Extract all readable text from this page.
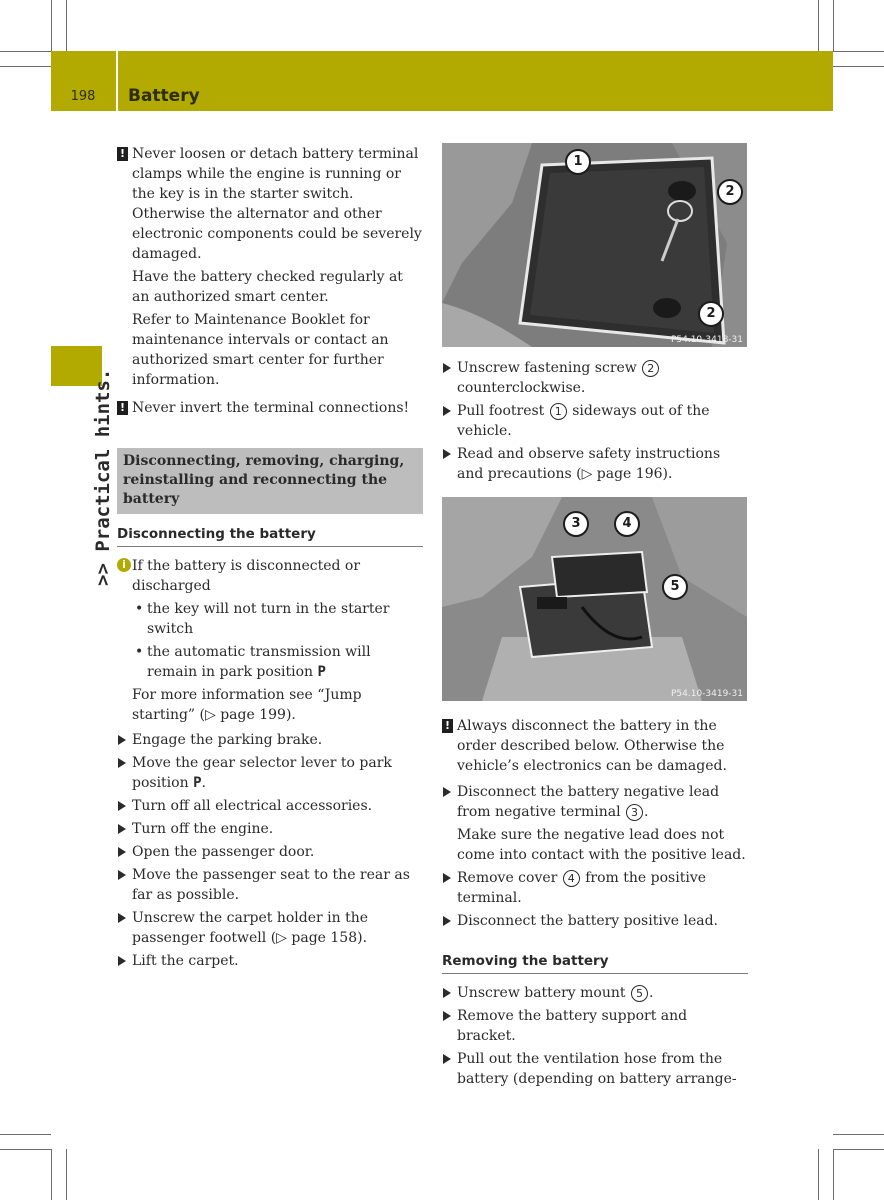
198	Battery
>> Practical hints.
! Never loosen or detach battery terminal clamps while the engine is running or the key is in the starter switch. Otherwise the alternator and other electronic components could be severely damaged.
Have the battery checked regularly at an authorized smart center.
Refer to Maintenance Booklet for maintenance intervals or contact an authorized smart center for further information.
! Never invert the terminal connections!
Disconnecting, removing, charging, reinstalling and reconnecting the battery
Disconnecting the battery
i If the battery is disconnected or discharged
• the key will not turn in the starter switch
• the automatic transmission will remain in park position P
For more information see “Jump starting” (▷ page 199).
Engage the parking brake.
Move the gear selector lever to park position P.
Turn off all electrical accessories.
Turn off the engine.
Open the passenger door.
Move the passenger seat to the rear as far as possible.
Unscrew the carpet holder in the passenger footwell (▷ page 158).
Lift the carpet.
1
2
2
P54.10-3418-31
3	4
5
P54.10-3419-31
Unscrew fastening screw 2 counterclockwise.
Pull footrest 1 sideways out of the vehicle.
Read and observe safety instructions and precautions (▷ page 196).
! Always disconnect the battery in the order described below. Otherwise the vehicle’s electronics can be damaged.
Disconnect the battery negative lead from negative terminal 3 .
Make sure the negative lead does not come into contact with the positive lead.
Remove cover 4 from the positive terminal.
Disconnect the battery positive lead.
Removing the battery
Unscrew battery mount 5 .
Remove the battery support and bracket.
Pull out the ventilation hose from the battery (depending on battery arrange-
